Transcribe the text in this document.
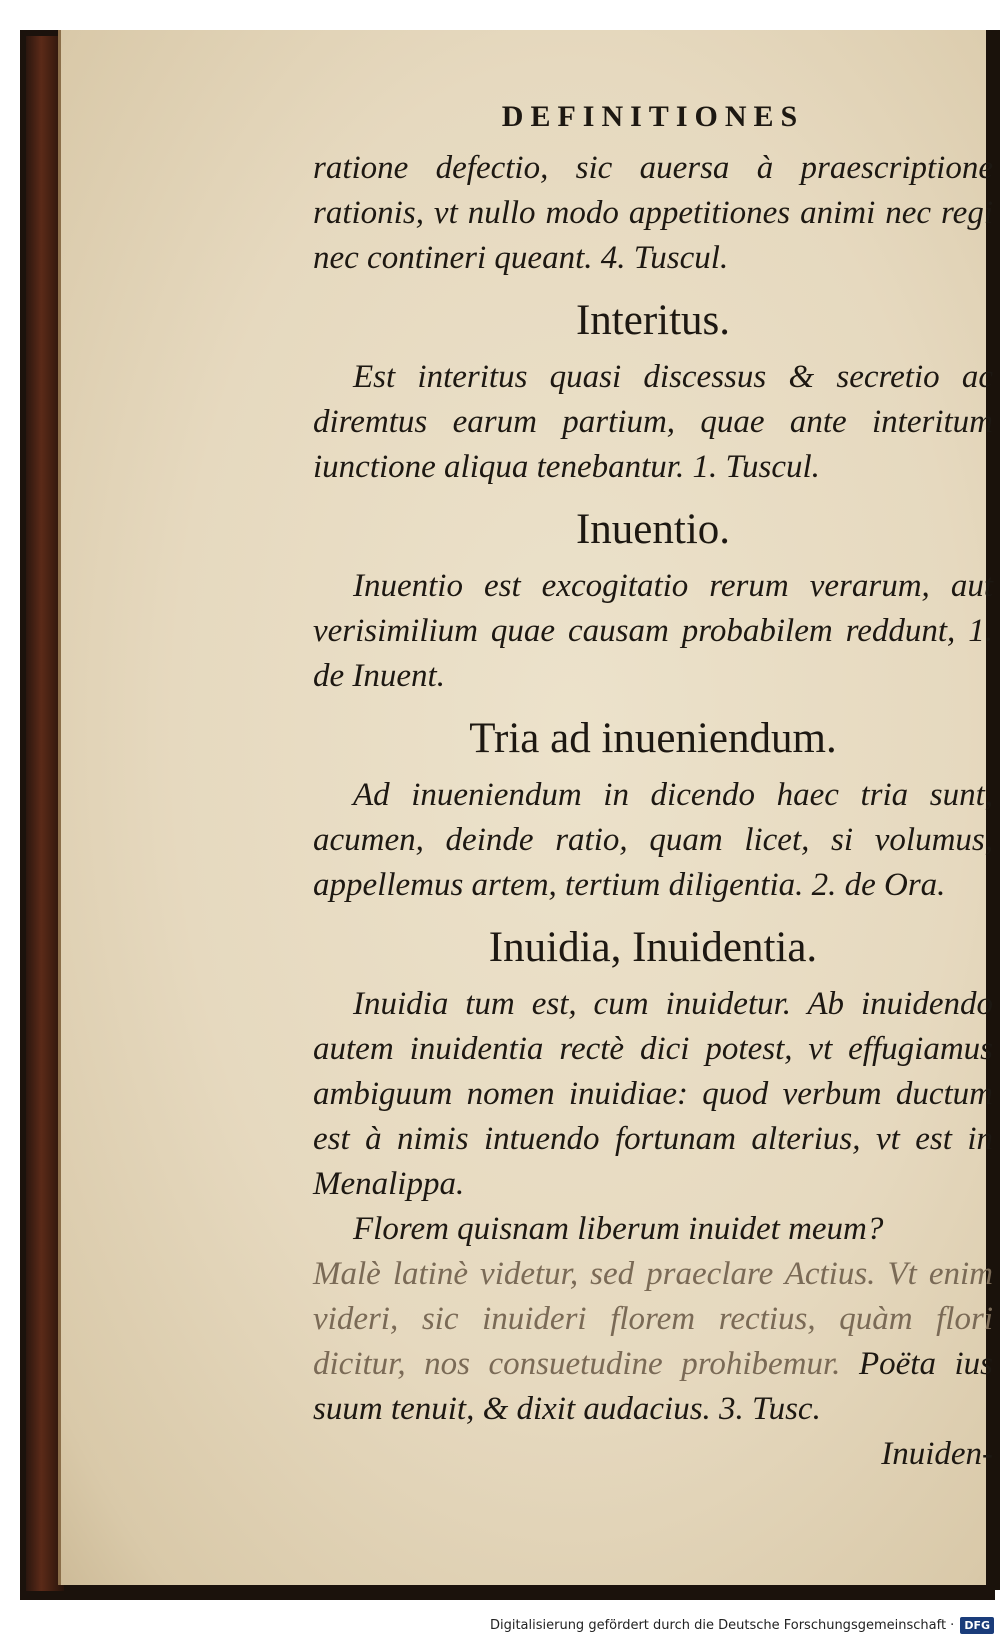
DEFINITIONES

ratione defectio, sic auersa à praescriptione rationis, vt nullo modo appetitiones animi nec regi nec contineri queant. 4. Tuscul.

Interitus.

Est interitus quasi discessus & secretio ac diremtus earum partium, quae ante interitum iunctione aliqua tenebantur. 1. Tuscul.

Inuentio.

Inuentio est excogitatio rerum verarum, aut verisimilium quae causam probabilem reddunt, 1. de Inuent.

Tria ad inueniendum.

Ad inueniendum in dicendo haec tria sunt, acumen, deinde ratio, quam licet, si volumus, appellemus artem, tertium diligentia. 2. de Ora.

Inuidia, Inuidentia.

Inuidia tum est, cum inuidetur. Ab inuidendo autem inuidentia rectè dici potest, vt effugiamus ambiguum nomen inuidiae: quod verbum ductum est à nimis intuendo fortunam alterius, vt est in Menalippa.

Florem quisnam liberum inuidet meum?

Malè latinè videtur, sed praeclare Actius. Vt enim videri, sic inuideri florem rectius, quàm flori dicitur, nos consuetudine prohibemur. Poëta ius suum tenuit, & dixit audacius. 3. Tusc.

Inuiden-

Digitalisierung gefördert durch die Deutsche Forschungsgemeinschaft · DFG
